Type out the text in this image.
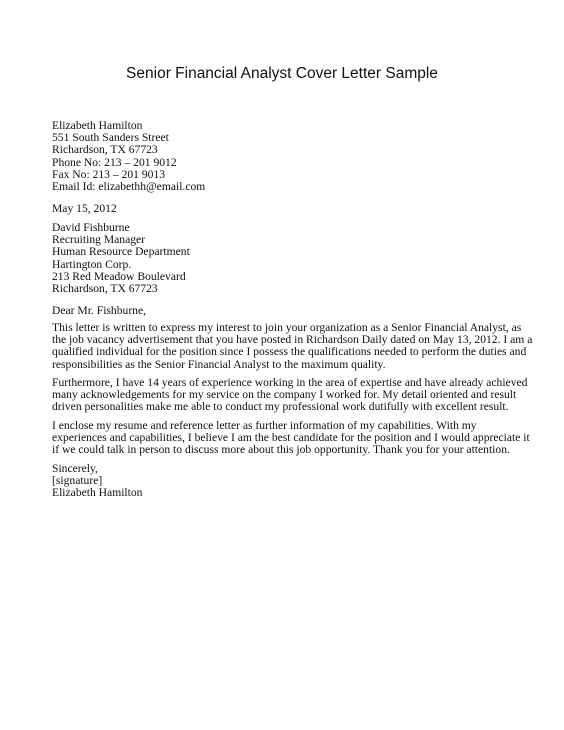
Senior Financial Analyst Cover Letter Sample
Elizabeth Hamilton
551 South Sanders Street
Richardson, TX 67723
Phone No: 213 – 201 9012
Fax No: 213 – 201 9013
Email Id: elizabethh@email.com
May 15, 2012
David Fishburne
Recruiting Manager
Human Resource Department
Hartington Corp.
213 Red Meadow Boulevard
Richardson, TX 67723
Dear Mr. Fishburne,
This letter is written to express my interest to join your organization as a Senior Financial Analyst, as
the job vacancy advertisement that you have posted in Richardson Daily dated on May 13, 2012. I am a
qualified individual for the position since I possess the qualifications needed to perform the duties and
responsibilities as the Senior Financial Analyst to the maximum quality.
Furthermore, I have 14 years of experience working in the area of expertise and have already achieved
many acknowledgements for my service on the company I worked for. My detail oriented and result
driven personalities make me able to conduct my professional work dutifully with excellent result.
I enclose my resume and reference letter as further information of my capabilities. With my
experiences and capabilities, I believe I am the best candidate for the position and I would appreciate it
if we could talk in person to discuss more about this job opportunity. Thank you for your attention.
Sincerely,
[signature]
Elizabeth Hamilton
